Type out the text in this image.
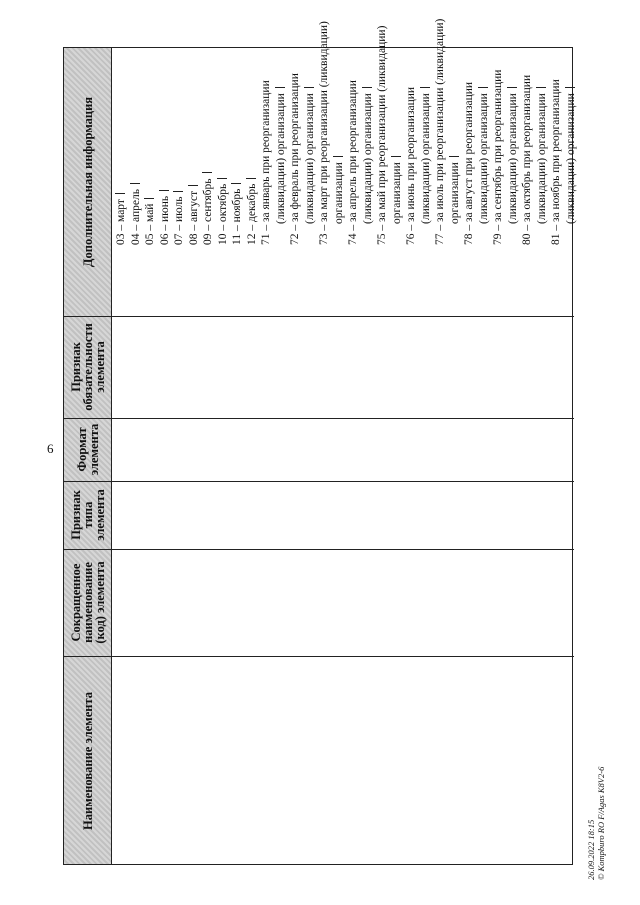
6
26.09.2022 18:15 © Kompburo RO F/Agas K8V2-6
Наименование элемента
Сокращенное наименование (код) элемента
Признак типа элемента
Формат элемента
Признак обязательности элемента
Дополнительная информация	03 – март 04 – апрель 05 – май 06 – июнь 07 – июль 08 – август 09 – сентябрь 10 – октябрь 11 – ноябрь 12 – декабрь 71 – за январь при реорганизации (ликвидации) организации 72 – за февраль при реорганизации (ликвидации) организации 73 – за март при реорганизации (ликвидации) организации 74 – за апрель при реорганизации (ликвидации) организации 75 – за май при реорганизации (ликвидации) организации 76 – за июнь при реорганизации (ликвидации) организации 77 – за июль при реорганизации (ликвидации) организации 78 – за август при реорганизации (ликвидации) организации 79 – за сентябрь при реорганизации (ликвидации) организации 80 – за октябрь при реорганизации (ликвидации) организации 81 – за ноябрь при реорганизации (ликвидации) организации
